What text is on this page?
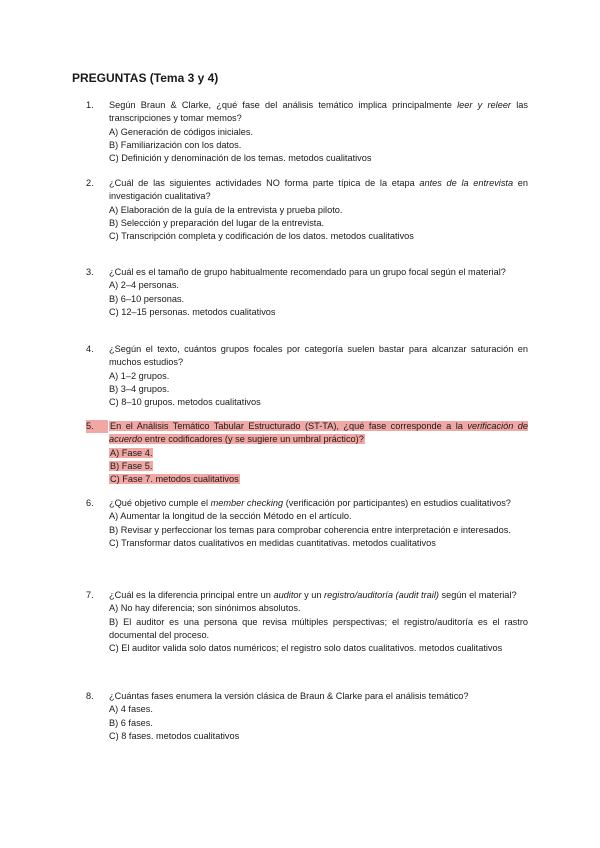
PREGUNTAS (Tema 3 y 4)
1.	Según Braun & Clarke, ¿qué fase del análisis temático implica principalmente leer y releer las transcripciones y tomar memos?
A) Generación de códigos iniciales.
B) Familiarización con los datos.
C) Definición y denominación de los temas. metodos cualitativos
2.	¿Cuál de las siguientes actividades NO forma parte típica de la etapa antes de la entrevista en investigación cualitativa?
A) Elaboración de la guía de la entrevista y prueba piloto.
B) Selección y preparación del lugar de la entrevista.
C) Transcripción completa y codificación de los datos. metodos cualitativos
3.	¿Cuál es el tamaño de grupo habitualmente recomendado para un grupo focal según el material?
A) 2–4 personas.
B) 6–10 personas.
C) 12–15 personas. metodos cualitativos
4.	¿Según el texto, cuántos grupos focales por categoría suelen bastar para alcanzar saturación en muchos estudios?
A) 1–2 grupos.
B) 3–4 grupos.
C) 8–10 grupos. metodos cualitativos
5.	En el Análisis Temático Tabular Estructurado (ST-TA), ¿qué fase corresponde a la verificación de acuerdo entre codificadores (y se sugiere un umbral práctico)?
A) Fase 4.
B) Fase 5.
C) Fase 7. metodos cualitativos
6.	¿Qué objetivo cumple el member checking (verificación por participantes) en estudios cualitativos?
A) Aumentar la longitud de la sección Método en el artículo.
B) Revisar y perfeccionar los temas para comprobar coherencia entre interpretación e interesados.
C) Transformar datos cualitativos en medidas cuantitativas. metodos cualitativos
7.	¿Cuál es la diferencia principal entre un auditor y un registro/auditoría (audit trail) según el material?
A) No hay diferencia; son sinónimos absolutos.
B) El auditor es una persona que revisa múltiples perspectivas; el registro/auditoría es el rastro documental del proceso.
C) El auditor valida solo datos numéricos; el registro solo datos cualitativos. metodos cualitativos
8.	¿Cuántas fases enumera la versión clásica de Braun & Clarke para el análisis temático?
A) 4 fases.
B) 6 fases.
C) 8 fases. metodos cualitativos
